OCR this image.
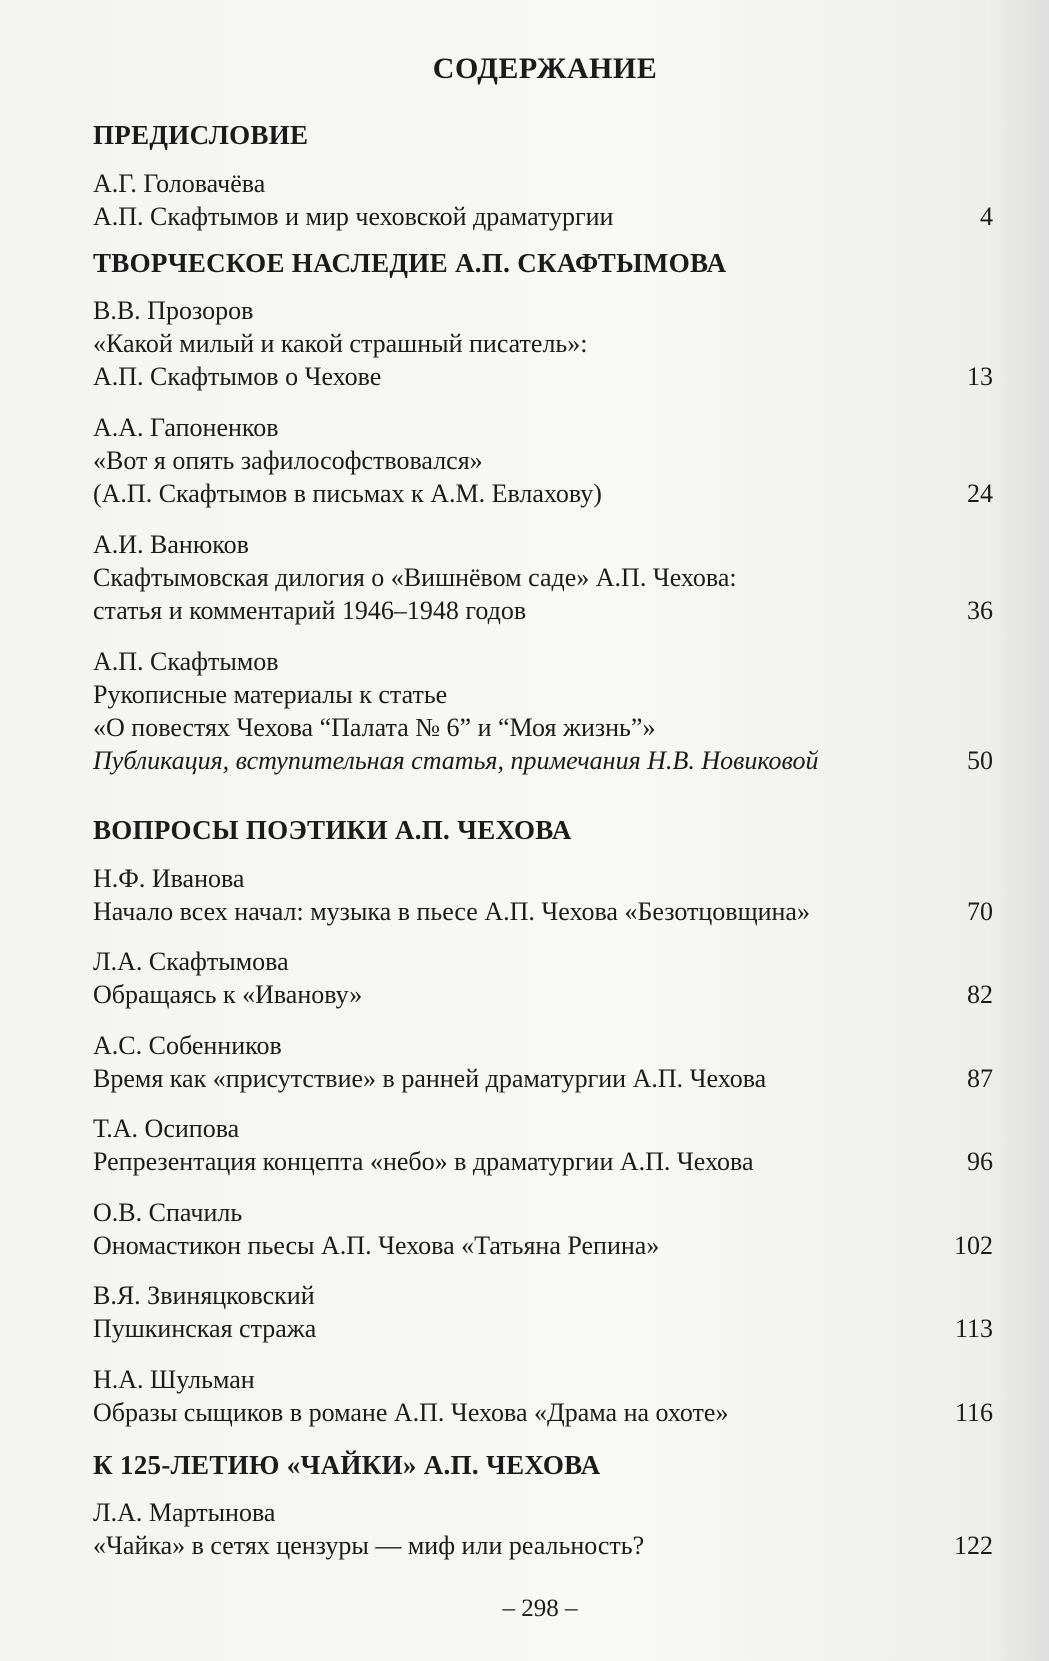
СОДЕРЖАНИЕ
ПРЕДИСЛОВИЕ
А.Г. Головачёва
А.П. Скафтымов и мир чеховской драматургии	4
ТВОРЧЕСКОЕ НАСЛЕДИЕ А.П. СКАФТЫМОВА
В.В. Прозоров
«Какой милый и какой страшный писатель»:
А.П. Скафтымов о Чехове	13
А.А. Гапоненков
«Вот я опять зафилософствовался»
(А.П. Скафтымов в письмах к А.М. Евлахову)	24
А.И. Ванюков
Скафтымовская дилогия о «Вишнёвом саде» А.П. Чехова:
статья и комментарий 1946–1948 годов	36
А.П. Скафтымов
Рукописные материалы к статье
«О повестях Чехова “Палата № 6” и “Моя жизнь”»
Публикация, вступительная статья, примечания Н.В. Новиковой	50
ВОПРОСЫ ПОЭТИКИ А.П. ЧЕХОВА
Н.Ф. Иванова
Начало всех начал: музыка в пьесе А.П. Чехова «Безотцовщина»	70
Л.А. Скафтымова
Обращаясь к «Иванову»	82
А.С. Собенников
Время как «присутствие» в ранней драматургии А.П. Чехова	87
Т.А. Осипова
Репрезентация концепта «небо» в драматургии А.П. Чехова	96
О.В. Спачиль
Ономастикон пьесы А.П. Чехова «Татьяна Репина»	102
В.Я. Звиняцковский
Пушкинская стража	113
Н.А. Шульман
Образы сыщиков в романе А.П. Чехова «Драма на охоте»	116
К 125-ЛЕТИЮ «ЧАЙКИ» А.П. ЧЕХОВА
Л.А. Мартынова
«Чайка» в сетях цензуры — миф или реальность?	122
– 298 –
